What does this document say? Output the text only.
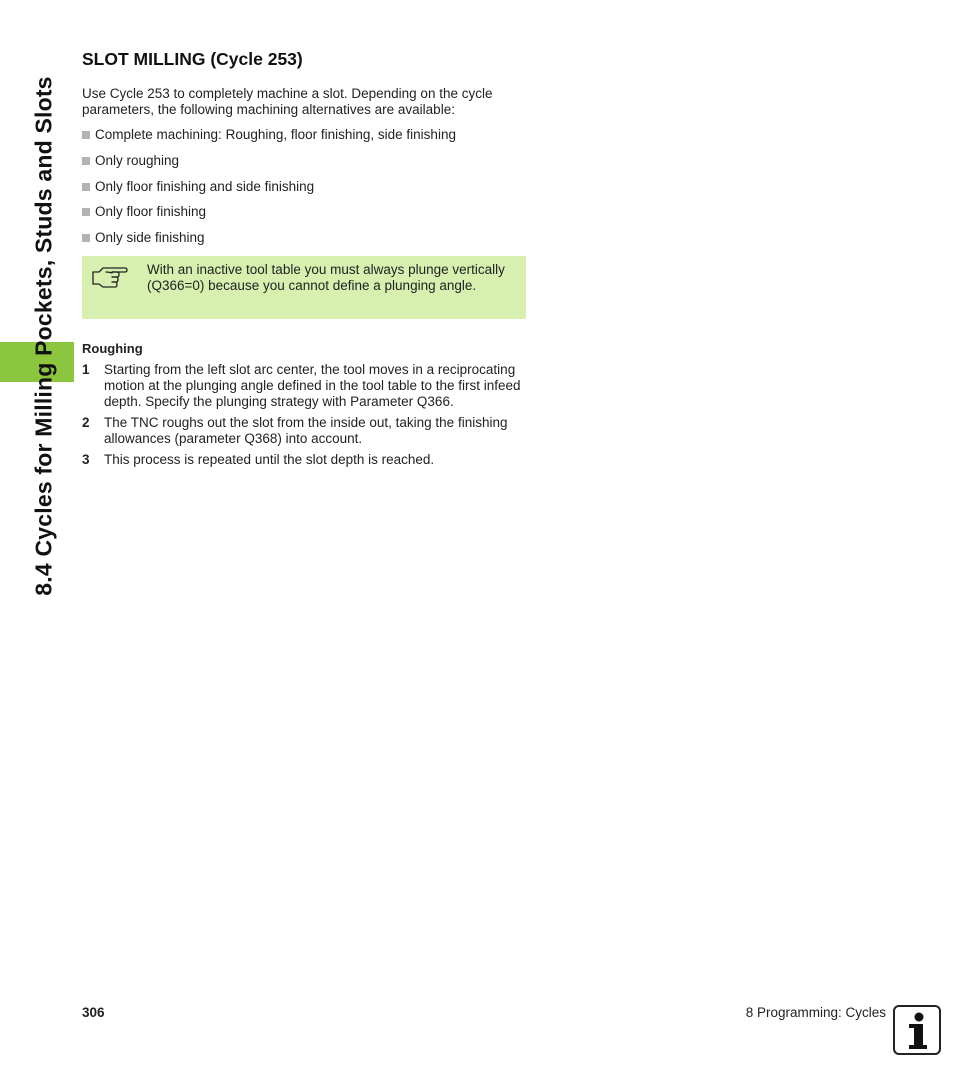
8.4 Cycles for Milling Pockets, Studs and Slots
SLOT MILLING (Cycle 253)

Use Cycle 253 to completely machine a slot. Depending on the cycle parameters, the following machining alternatives are available:

Complete machining: Roughing, floor finishing, side finishing
Only roughing
Only floor finishing and side finishing
Only floor finishing
Only side finishing
With an inactive tool table you must always plunge vertically (Q366=0) because you cannot define a plunging angle.
Roughing
1	Starting from the left slot arc center, the tool moves in a reciprocating motion at the plunging angle defined in the tool table to the first infeed depth. Specify the plunging strategy with Parameter Q366.
2	The TNC roughs out the slot from the inside out, taking the finishing allowances (parameter Q368) into account.
3	This process is repeated until the slot depth is reached.
306	8 Programming: Cycles
